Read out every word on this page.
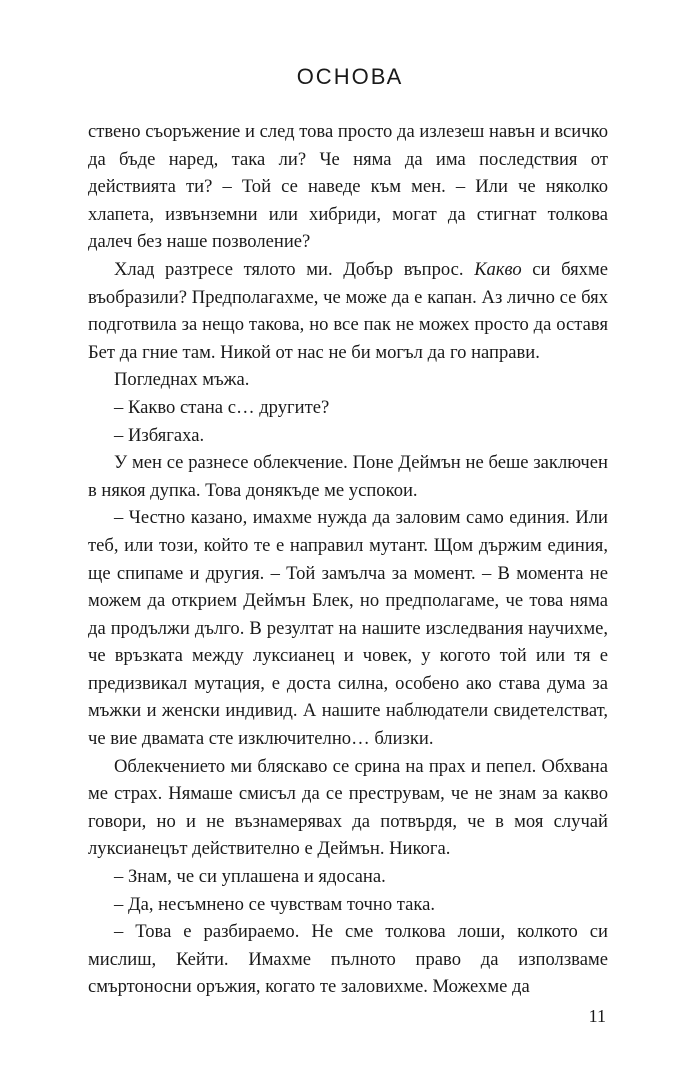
ОСНОВА

ствено съоръжение и след това просто да излезеш навън и всичко да бъде наред, така ли? Че няма да има последствия от действията ти? – Той се наведе към мен. – Или че няколко хлапета, извънземни или хибриди, могат да стигнат толкова далеч без наше позволение?

Хлад разтресе тялото ми. Добър въпрос. Какво си бяхме въобразили? Предполагахме, че може да е капан. Аз лично се бях подготвила за нещо такова, но все пак не можех просто да оставя Бет да гние там. Никой от нас не би могъл да го направи.

Погледнах мъжа.

– Какво стана с… другите?

– Избягаха.

У мен се разнесе облекчение. Поне Деймън не беше заключен в някоя дупка. Това донякъде ме успокои.

– Честно казано, имахме нужда да заловим само единия. Или теб, или този, който те е направил мутант. Щом държим единия, ще спипаме и другия. – Той замълча за момент. – В момента не можем да открием Деймън Блек, но предполагаме, че това няма да продължи дълго. В резултат на нашите изследвания научихме, че връзката между луксианец и човек, у когото той или тя е предизвикал мутация, е доста силна, особено ако става дума за мъжки и женски индивид. А нашите наблюдатели свидетелстват, че вие двамата сте изключително… близки.

Облекчението ми бляскаво се срина на прах и пепел. Обхвана ме страх. Нямаше смисъл да се преструвам, че не знам за какво говори, но и не възнамерявах да потвърдя, че в моя случай луксианецът действително е Деймън. Никога.

– Знам, че си уплашена и ядосана.

– Да, несъмнено се чувствам точно така.

– Това е разбираемо. Не сме толкова лоши, колкото си мислиш, Кейти. Имахме пълното право да използваме смъртоносни оръжия, когато те заловихме. Можехме да

11
